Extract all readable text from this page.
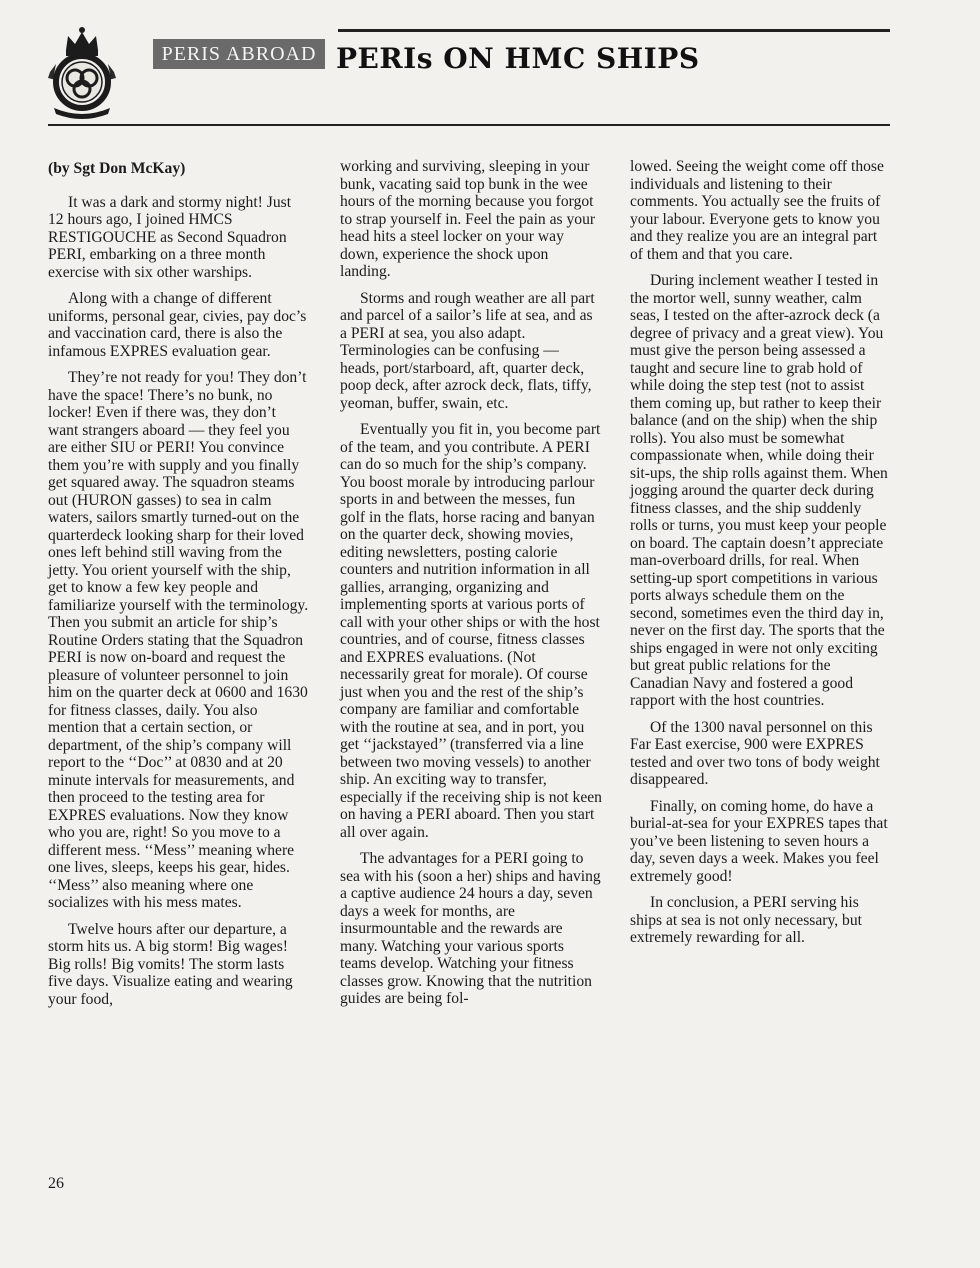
PERIS ABROAD PERIs ON HMC SHIPS
(by Sgt Don McKay)

It was a dark and stormy night! Just 12 hours ago, I joined HMCS RESTIGOUCHE as Second Squadron PERI, embarking on a three month exercise with six other warships.

Along with a change of different uniforms, personal gear, civies, pay doc’s and vaccination card, there is also the infamous EXPRES evaluation gear.

They’re not ready for you! They don’t have the space! There’s no bunk, no locker! Even if there was, they don’t want strangers aboard — they feel you are either SIU or PERI! You convince them you’re with supply and you finally get squared away. The squadron steams out (HURON gasses) to sea in calm waters, sailors smartly turned-out on the quarterdeck looking sharp for their loved ones left behind still waving from the jetty. You orient yourself with the ship, get to know a few key people and familiarize yourself with the terminology. Then you submit an article for ship’s Routine Orders stating that the Squadron PERI is now on-board and request the pleasure of volunteer personnel to join him on the quarter deck at 0600 and 1630 for fitness classes, daily. You also mention that a certain section, or department, of the ship’s company will report to the ‘‘Doc’’ at 0830 and at 20 minute intervals for measurements, and then proceed to the testing area for EXPRES evaluations. Now they know who you are, right! So you move to a different mess. ‘‘Mess’’ meaning where one lives, sleeps, keeps his gear, hides. ‘‘Mess’’ also meaning where one socializes with his mess mates.

Twelve hours after our departure, a storm hits us. A big storm! Big wages! Big rolls! Big vomits! The storm lasts five days. Visualize eating and wearing your food,

working and surviving, sleeping in your bunk, vacating said top bunk in the wee hours of the morning because you forgot to strap yourself in. Feel the pain as your head hits a steel locker on your way down, experience the shock upon landing.

Storms and rough weather are all part and parcel of a sailor’s life at sea, and as a PERI at sea, you also adapt. Terminologies can be confusing — heads, port/starboard, aft, quarter deck, poop deck, after azrock deck, flats, tiffy, yeoman, buffer, swain, etc.

Eventually you fit in, you become part of the team, and you contribute. A PERI can do so much for the ship’s company. You boost morale by introducing parlour sports in and between the messes, fun golf in the flats, horse racing and banyan on the quarter deck, showing movies, editing newsletters, posting calorie counters and nutrition information in all gallies, arranging, organizing and implementing sports at various ports of call with your other ships or with the host countries, and of course, fitness classes and EXPRES evaluations. (Not necessarily great for morale). Of course just when you and the rest of the ship’s company are familiar and comfortable with the routine at sea, and in port, you get ‘‘jackstayed’’ (transferred via a line between two moving vessels) to another ship. An exciting way to transfer, especially if the receiving ship is not keen on having a PERI aboard. Then you start all over again.

The advantages for a PERI going to sea with his (soon a her) ships and having a captive audience 24 hours a day, seven days a week for months, are insurmountable and the rewards are many. Watching your various sports teams develop. Watching your fitness classes grow. Knowing that the nutrition guides are being fol-

lowed. Seeing the weight come off those individuals and listening to their comments. You actually see the fruits of your labour. Everyone gets to know you and they realize you are an integral part of them and that you care.

During inclement weather I tested in the mortor well, sunny weather, calm seas, I tested on the after-azrock deck (a degree of privacy and a great view). You must give the person being assessed a taught and secure line to grab hold of while doing the step test (not to assist them coming up, but rather to keep their balance (and on the ship) when the ship rolls). You also must be somewhat compassionate when, while doing their sit-ups, the ship rolls against them. When jogging around the quarter deck during fitness classes, and the ship suddenly rolls or turns, you must keep your people on board. The captain doesn’t appreciate man-overboard drills, for real. When setting-up sport competitions in various ports always schedule them on the second, sometimes even the third day in, never on the first day. The sports that the ships engaged in were not only exciting but great public relations for the Canadian Navy and fostered a good rapport with the host countries.

Of the 1300 naval personnel on this Far East exercise, 900 were EXPRES tested and over two tons of body weight disappeared.

Finally, on coming home, do have a burial-at-sea for your EXPRES tapes that you’ve been listening to seven hours a day, seven days a week. Makes you feel extremely good!

In conclusion, a PERI serving his ships at sea is not only necessary, but extremely rewarding for all.

26
